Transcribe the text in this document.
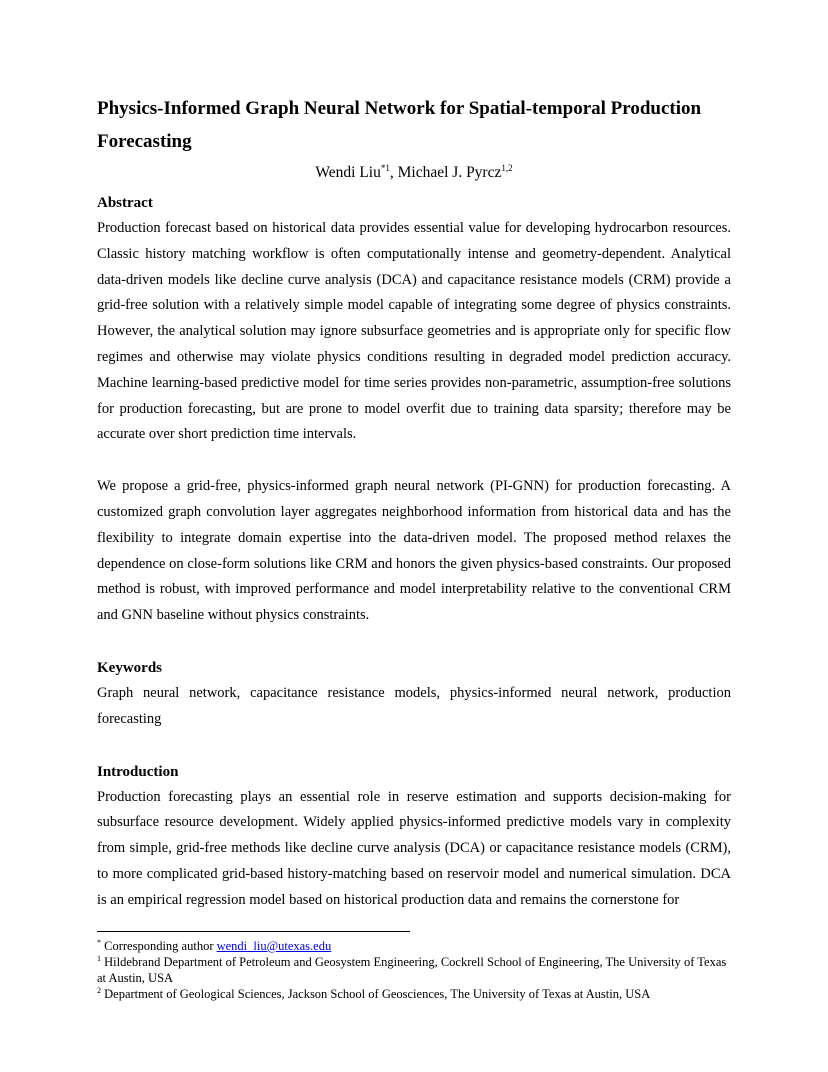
Physics-Informed Graph Neural Network for Spatial-temporal Production Forecasting
Wendi Liu$^{*1}$, Michael J. Pyrcz$^{1,2}$
Abstract

Production forecast based on historical data provides essential value for developing hydrocarbon resources. Classic history matching workflow is often computationally intense and geometry-dependent. Analytical data-driven models like decline curve analysis (DCA) and capacitance resistance models (CRM) provide a grid-free solution with a relatively simple model capable of integrating some degree of physics constraints. However, the analytical solution may ignore subsurface geometries and is appropriate only for specific flow regimes and otherwise may violate physics conditions resulting in degraded model prediction accuracy. Machine learning-based predictive model for time series provides non-parametric, assumption-free solutions for production forecasting, but are prone to model overfit due to training data sparsity; therefore may be accurate over short prediction time intervals.

We propose a grid-free, physics-informed graph neural network (PI-GNN) for production forecasting. A customized graph convolution layer aggregates neighborhood information from historical data and has the flexibility to integrate domain expertise into the data-driven model. The proposed method relaxes the dependence on close-form solutions like CRM and honors the given physics-based constraints. Our proposed method is robust, with improved performance and model interpretability relative to the conventional CRM and GNN baseline without physics constraints.

Keywords

Graph neural network, capacitance resistance models, physics-informed neural network, production forecasting

Introduction

Production forecasting plays an essential role in reserve estimation and supports decision-making for subsurface resource development. Widely applied physics-informed predictive models vary in complexity from simple, grid-free methods like decline curve analysis (DCA) or capacitance resistance models (CRM), to more complicated grid-based history-matching based on reservoir model and numerical simulation. DCA is an empirical regression model based on historical production data and remains the cornerstone for

* Corresponding author wendi_liu@utexas.edu

$^1$ Hildebrand Department of Petroleum and Geosystem Engineering, Cockrell School of Engineering, The University of Texas at Austin, USA

$^2$ Department of Geological Sciences, Jackson School of Geosciences, The University of Texas at Austin, USA
